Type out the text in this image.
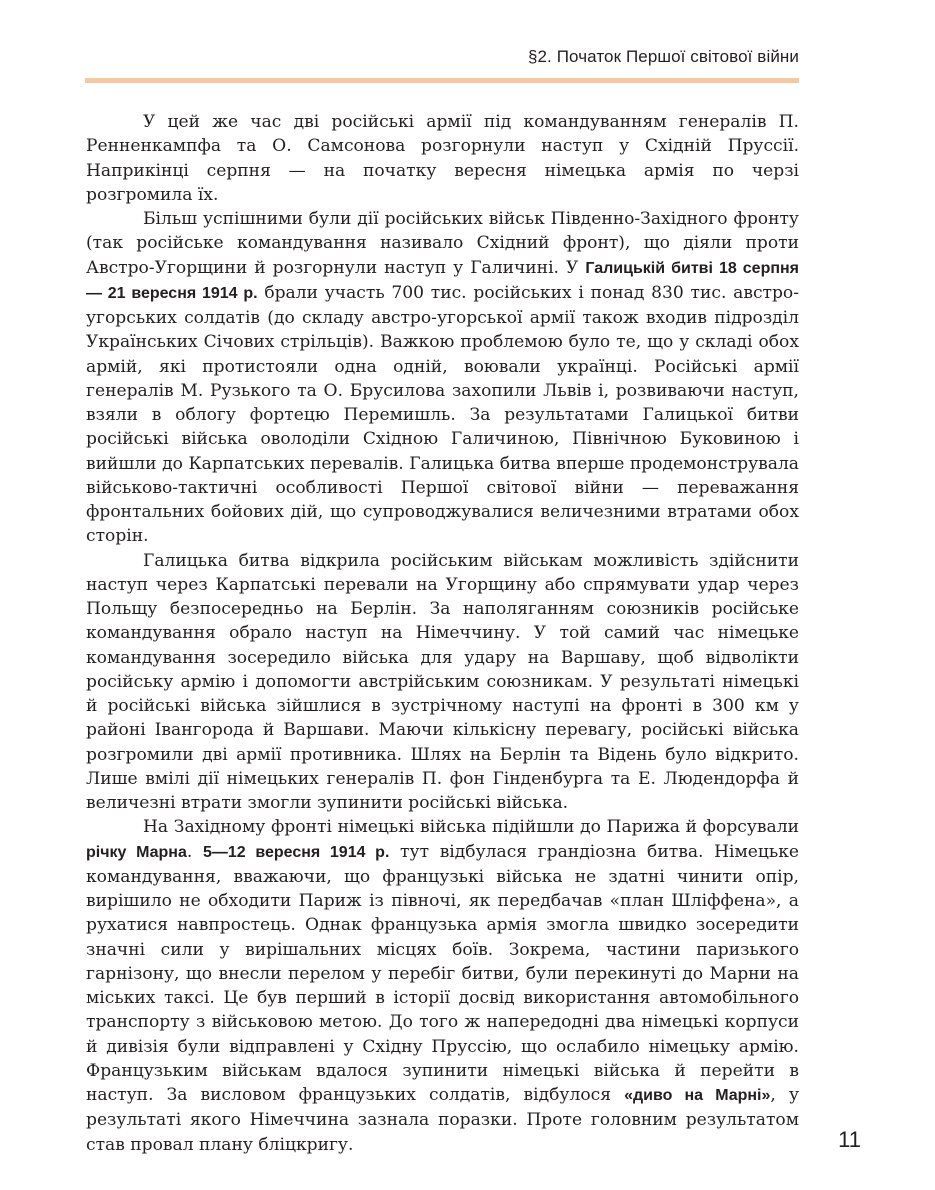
§2. Початок Першої світової війни

У цей же час дві російські армії під командуванням генералів П. Ренненкампфа та О. Самсонова розгорнули наступ у Східній Пруссії. Наприкінці серпня — на початку вересня німецька армія по черзі розгромила їх.

Більш успішними були дії російських військ Південно-Західного фронту (так російське командування називало Східний фронт), що діяли проти Австро-Угорщини й розгорнули наступ у Галичині. У Галицькій битві 18 серпня — 21 вересня 1914 р. брали участь 700 тис. російських і понад 830 тис. австро-угорських солдатів (до складу австро-угорської армії також входив підрозділ Українських Січових стрільців). Важкою проблемою було те, що у складі обох армій, які протистояли одна одній, воювали українці. Російські армії генералів М. Рузького та О. Брусилова захопили Львів і, розвиваючи наступ, взяли в облогу фортецю Перемишль. За результатами Галицької битви російські війська оволоділи Східною Галичиною, Північною Буковиною і вийшли до Карпатських перевалів. Галицька битва вперше продемонструвала військово-тактичні особливості Першої світової війни — переважання фронтальних бойових дій, що супроводжувалися величезними втратами обох сторін.

Галицька битва відкрила російським військам можливість здійснити наступ через Карпатські перевали на Угорщину або спрямувати удар через Польщу безпосередньо на Берлін. За наполяганням союзників російське командування обрало наступ на Німеччину. У той самий час німецьке командування зосередило війська для удару на Варшаву, щоб відволікти російську армію і допомогти австрійським союзникам. У результаті німецькі й російські війська зійшлися в зустрічному наступі на фронті в 300 км у районі Івангорода й Варшави. Маючи кількісну перевагу, російські війська розгромили дві армії противника. Шлях на Берлін та Відень було відкрито. Лише вмілі дії німецьких генералів П. фон Гінденбурга та Е. Людендорфа й величезні втрати змогли зупинити російські війська.

На Західному фронті німецькі війська підійшли до Парижа й форсували річку Марна. 5—12 вересня 1914 р. тут відбулася грандіозна битва. Німецьке командування, вважаючи, що французькі війська не здатні чинити опір, вирішило не обходити Париж із півночі, як передбачав «план Шліффена», а рухатися навпростець. Однак французька армія змогла швидко зосередити значні сили у вирішальних місцях боїв. Зокрема, частини паризького гарнізону, що внесли перелом у перебіг битви, були перекинуті до Марни на міських таксі. Це був перший в історії досвід використання автомобільного транспорту з військовою метою. До того ж напередодні два німецькі корпуси й дивізія були відправлені у Східну Пруссію, що ослабило німецьку армію. Французьким військам вдалося зупинити німецькі війська й перейти в наступ. За висловом французьких солдатів, відбулося «диво на Марні», у результаті якого Німеччина зазнала поразки. Проте головним результатом став провал плану бліцкригу.	11
